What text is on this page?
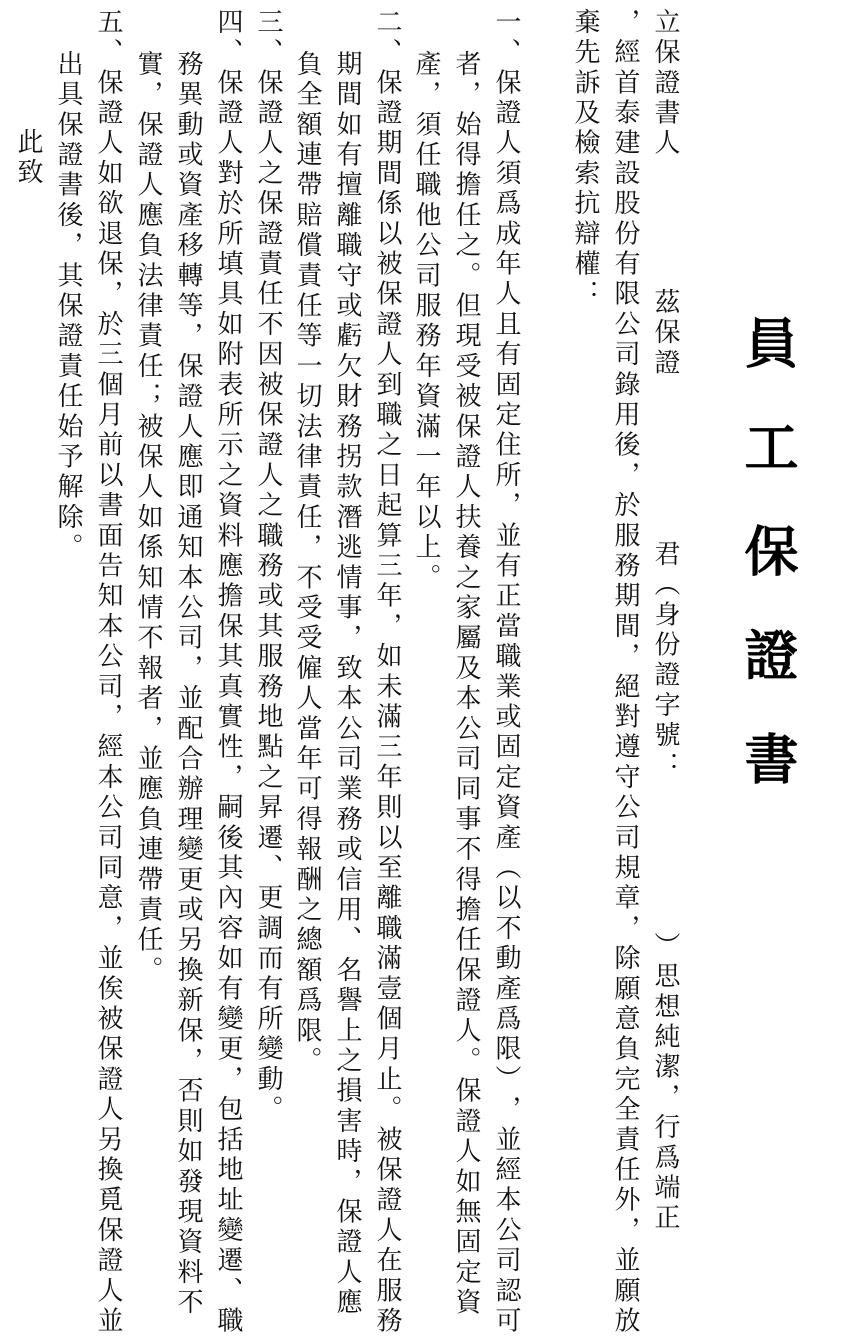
員工保證書
立保證書人
茲保證
君︵身份證字號：
︶思想純潔，行爲端正
，經首泰建設股份有限公司錄用後，於服務期間，絕對遵守公司規章，除願意負完全責任外，並願放
棄先訴及檢索抗辯權：
一、保證人須爲成年人且有固定住所，並有正當職業或固定資產︵以不動產爲限︶，並經本公司認可
者，始得擔任之。但現受被保證人扶養之家屬及本公司同事不得擔任保證人。保證人如無固定資
產，須任職他公司服務年資滿一年以上。
二、保證期間係以被保證人到職之日起算三年，如未滿三年則以至離職滿壹個月止。被保證人在服務
期間如有擅離職守或虧欠財務拐款潛逃情事，致本公司業務或信用、名譽上之損害時，保證人應
負全額連帶賠償責任等一切法律責任，不受受僱人當年可得報酬之總額爲限。
三、保證人之保證責任不因被保證人之職務或其服務地點之昇遷、更調而有所變動。
四、保證人對於所填具如附表所示之資料應擔保其真實性，嗣後其內容如有變更，包括地址變遷、職
務異動或資產移轉等，保證人應即通知本公司，並配合辦理變更或另換新保，否則如發現資料不
實，保證人應負法律責任；被保人如係知情不報者，並應負連帶責任。
五、保證人如欲退保，於三個月前以書面告知本公司，經本公司同意，並俟被保證人另換覓保證人並
出具保證書後，其保證責任始予解除。
此致
